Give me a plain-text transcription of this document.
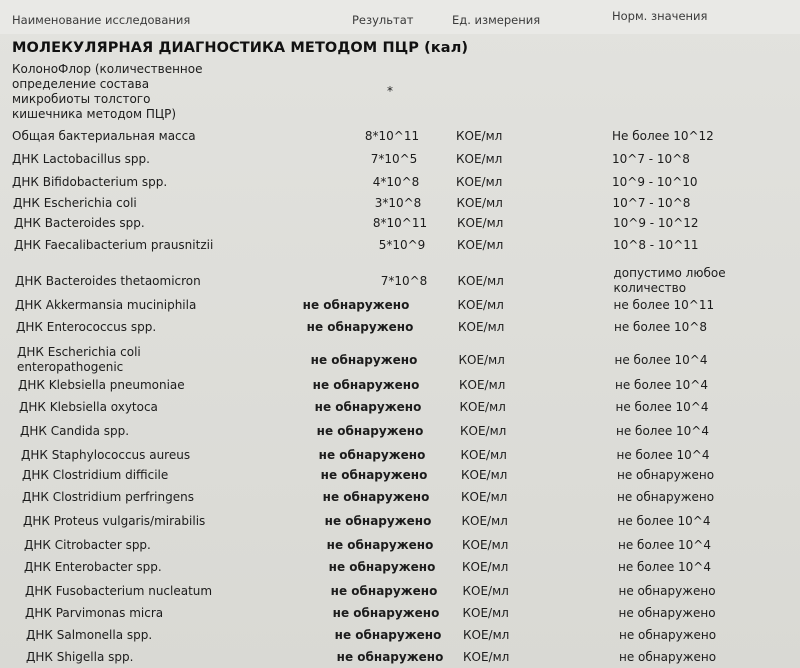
Наименование исследования	Результат	Ед. измерения	Норм. значения
МОЛЕКУЛЯРНАЯ ДИАГНОСТИКА МЕТОДОМ ПЦР (кал)
КолоноФлор (количественное
определение состава
микробиоты толстого
кишечника методом ПЦР)
*
Общая бактериальная масса	8*10^11	КОЕ/мл	Не более 10^12
ДНК Lactobacillus spp.	7*10^5	КОЕ/мл	10^7 - 10^8
ДНК Bifidobacterium spp.	4*10^8	КОЕ/мл	10^9 - 10^10
ДНК Escherichia coli	3*10^8	КОЕ/мл	10^7 - 10^8
ДНК Bacteroides spp.	8*10^11	КОЕ/мл	10^9 - 10^12
ДНК Faecalibacterium prausnitzii	5*10^9	КОЕ/мл	10^8 - 10^11
ДНК Bacteroides thetaomicron	7*10^8	КОЕ/мл
допустимо любое
количество
ДНК Akkermansia muciniphila	не обнаружено	КОЕ/мл	не более 10^11
ДНК Enterococcus spp.	не обнаружено	КОЕ/мл	не более 10^8
ДНК Escherichia coli
enteropathogenic
не обнаружено	КОЕ/мл	не более 10^4
ДНК Klebsiella pneumoniae	не обнаружено	КОЕ/мл	не более 10^4
ДНК Klebsiella oxytoca	не обнаружено	КОЕ/мл	не более 10^4
ДНК Candida spp.	не обнаружено	КОЕ/мл	не более 10^4
ДНК Staphylococcus aureus	не обнаружено	КОЕ/мл	не более 10^4
ДНК Clostridium difficile	не обнаружено	КОЕ/мл	не обнаружено
ДНК Clostridium perfringens	не обнаружено	КОЕ/мл	не обнаружено
ДНК Proteus vulgaris/mirabilis	не обнаружено	КОЕ/мл	не более 10^4
ДНК Citrobacter spp.	не обнаружено	КОЕ/мл	не более 10^4
ДНК Enterobacter spp.	не обнаружено	КОЕ/мл	не более 10^4
ДНК Fusobacterium nucleatum	не обнаружено	КОЕ/мл	не обнаружено
ДНК Parvimonas micra	не обнаружено	КОЕ/мл	не обнаружено
ДНК Salmonella spp.	не обнаружено	КОЕ/мл	не обнаружено
ДНК Shigella spp.	не обнаружено	КОЕ/мл	не обнаружено
